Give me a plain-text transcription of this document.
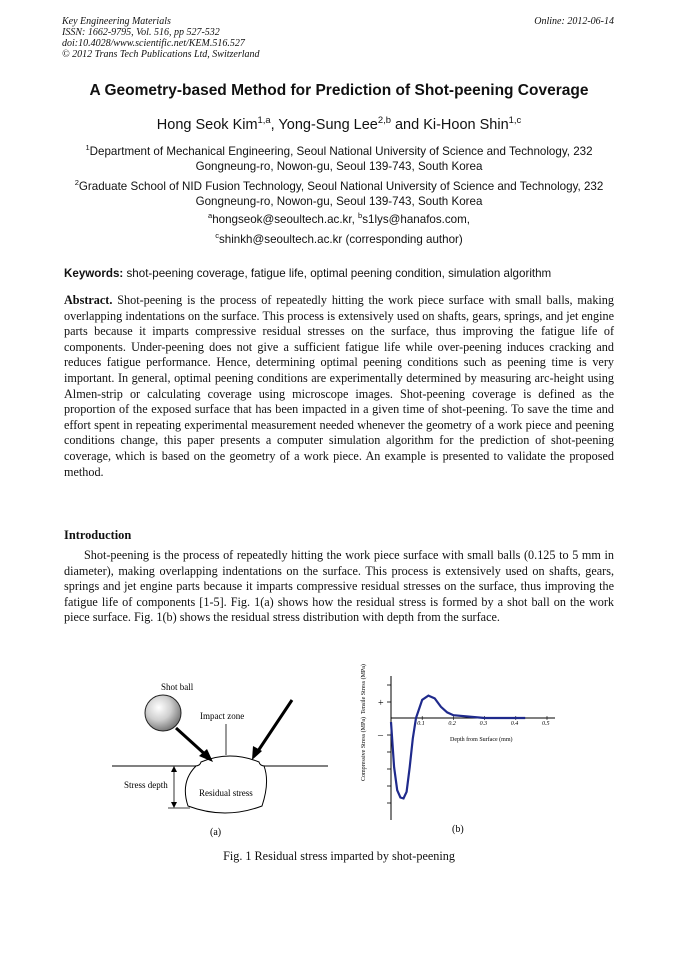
Key Engineering Materials
ISSN: 1662-9795, Vol. 516, pp 527-532
doi:10.4028/www.scientific.net/KEM.516.527
© 2012 Trans Tech Publications Ltd, Switzerland
Online: 2012-06-14
A Geometry-based Method for Prediction of Shot-peening Coverage
Hong Seok Kim$^{1,a}$, Yong-Sung Lee$^{2,b}$ and Ki-Hoon Shin$^{1,c}$
$^1$Department of Mechanical Engineering, Seoul National University of Science and Technology, 232 Gongneung-ro, Nowon-gu, Seoul 139-743, South Korea
$^2$Graduate School of NID Fusion Technology, Seoul National University of Science and Technology, 232 Gongneung-ro, Nowon-gu, Seoul 139-743, South Korea
$^a$hongseok@seoultech.ac.kr, $^b$s1lys@hanafos.com,
$^c$shinkh@seoultech.ac.kr (corresponding author)
Keywords: shot-peening coverage, fatigue life, optimal peening condition, simulation algorithm
Abstract. Shot-peening is the process of repeatedly hitting the work piece surface with small balls, making overlapping indentations on the surface. This process is extensively used on shafts, gears, springs, and jet engine parts because it imparts compressive residual stresses on the surface, thus improving the fatigue life of components. Under-peening does not give a sufficient fatigue life while over-peening induces cracking and reduces fatigue performance. Hence, determining optimal peening conditions such as peening time is very important. In general, optimal peening conditions are experimentally determined by measuring arc-height using Almen-strip or calculating coverage using microscope images. Shot-peening coverage is defined as the proportion of the exposed surface that has been impacted in a given time of shot-peening. To save the time and effort spent in repeating experimental measurement needed whenever the geometry of a work piece and peening conditions change, this paper presents a computer simulation algorithm for the prediction of shot-peening coverage, which is based on the geometry of a work piece. An example is presented to validate the proposed method.
Introduction
Shot-peening is the process of repeatedly hitting the work piece surface with small balls (0.125 to 5 mm in diameter), making overlapping indentations on the surface. This process is extensively used on shafts, gears, springs and jet engine parts because it imparts compressive residual stresses on the surface, thus improving the fatigue life of components [1-5]. Fig. 1(a) shows how the residual stress is formed by a shot ball on the work piece surface. Fig. 1(b) shows the residual stress distribution with depth from the surface.
Shot ball
Impact zone
Residual stress
Stress depth
(a)
+
–
Tensile Stress (MPa)
Compressive Stress (MPa)	Depth from Surface (mm)
0.1	0.2	0.3	0.4	0.5
(b)
Fig. 1 Residual stress imparted by shot-peening
